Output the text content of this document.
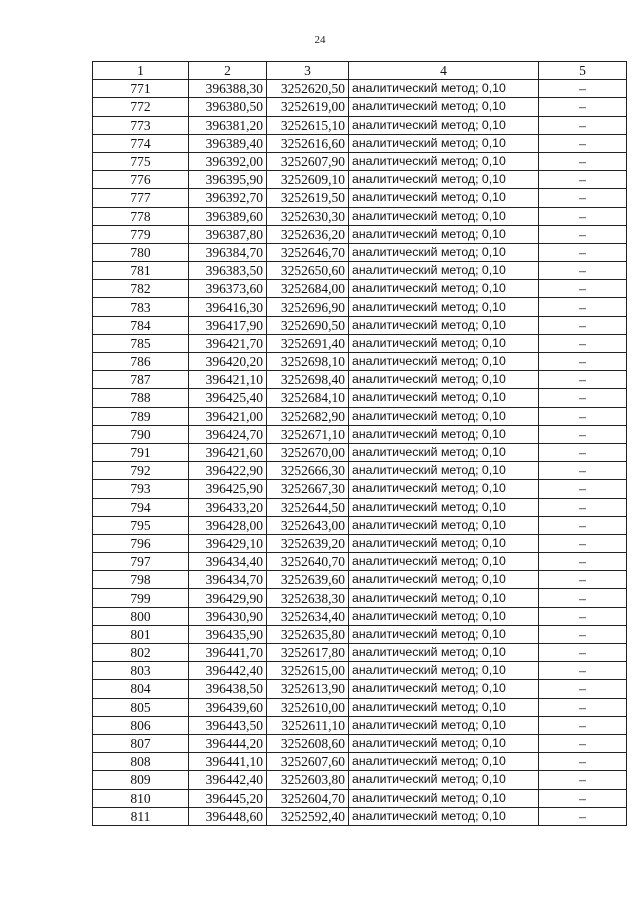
24
1	2	3	4	5
771	396388,30	3252620,50	аналитический метод; 0,10	–
772	396380,50	3252619,00	аналитический метод; 0,10	–
773	396381,20	3252615,10	аналитический метод; 0,10	–
774	396389,40	3252616,60	аналитический метод; 0,10	–
775	396392,00	3252607,90	аналитический метод; 0,10	–
776	396395,90	3252609,10	аналитический метод; 0,10	–
777	396392,70	3252619,50	аналитический метод; 0,10	–
778	396389,60	3252630,30	аналитический метод; 0,10	–
779	396387,80	3252636,20	аналитический метод; 0,10	–
780	396384,70	3252646,70	аналитический метод; 0,10	–
781	396383,50	3252650,60	аналитический метод; 0,10	–
782	396373,60	3252684,00	аналитический метод; 0,10	–
783	396416,30	3252696,90	аналитический метод; 0,10	–
784	396417,90	3252690,50	аналитический метод; 0,10	–
785	396421,70	3252691,40	аналитический метод; 0,10	–
786	396420,20	3252698,10	аналитический метод; 0,10	–
787	396421,10	3252698,40	аналитический метод; 0,10	–
788	396425,40	3252684,10	аналитический метод; 0,10	–
789	396421,00	3252682,90	аналитический метод; 0,10	–
790	396424,70	3252671,10	аналитический метод; 0,10	–
791	396421,60	3252670,00	аналитический метод; 0,10	–
792	396422,90	3252666,30	аналитический метод; 0,10	–
793	396425,90	3252667,30	аналитический метод; 0,10	–
794	396433,20	3252644,50	аналитический метод; 0,10	–
795	396428,00	3252643,00	аналитический метод; 0,10	–
796	396429,10	3252639,20	аналитический метод; 0,10	–
797	396434,40	3252640,70	аналитический метод; 0,10	–
798	396434,70	3252639,60	аналитический метод; 0,10	–
799	396429,90	3252638,30	аналитический метод; 0,10	–
800	396430,90	3252634,40	аналитический метод; 0,10	–
801	396435,90	3252635,80	аналитический метод; 0,10	–
802	396441,70	3252617,80	аналитический метод; 0,10	–
803	396442,40	3252615,00	аналитический метод; 0,10	–
804	396438,50	3252613,90	аналитический метод; 0,10	–
805	396439,60	3252610,00	аналитический метод; 0,10	–
806	396443,50	3252611,10	аналитический метод; 0,10	–
807	396444,20	3252608,60	аналитический метод; 0,10	–
808	396441,10	3252607,60	аналитический метод; 0,10	–
809	396442,40	3252603,80	аналитический метод; 0,10	–
810	396445,20	3252604,70	аналитический метод; 0,10	–
811	396448,60	3252592,40	аналитический метод; 0,10	–
